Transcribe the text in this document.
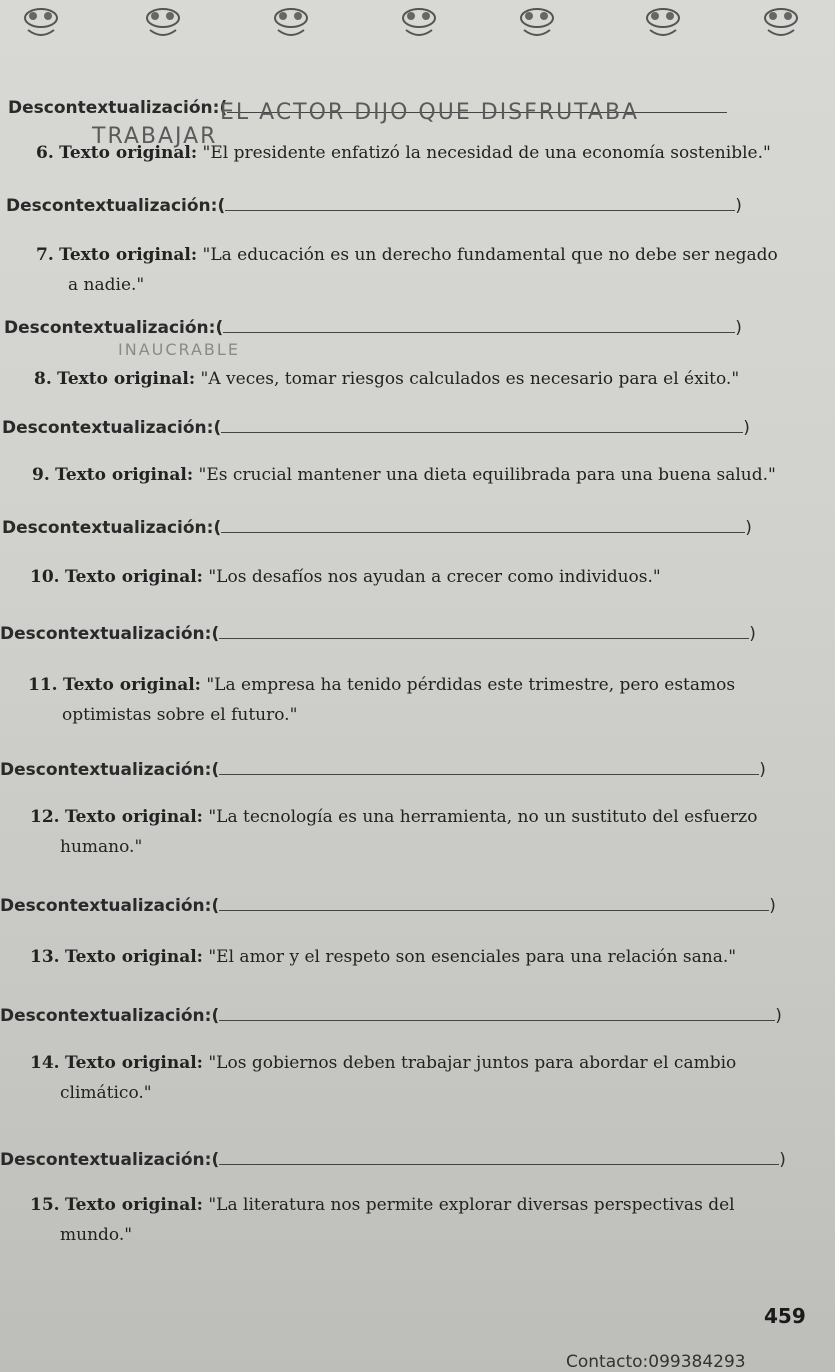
Descontextualización:(
EL ACTOR DIJO QUE DISFRUTABA
TRABAJAR
6. Texto original: "El presidente enfatizó la necesidad de una economía sostenible."
Descontextualización:(	)
7. Texto original: "La educación es un derecho fundamental que no debe ser negado
a nadie."
Descontextualización:(	)
INAUCRABLE
8. Texto original: "A veces, tomar riesgos calculados es necesario para el éxito."
Descontextualización:(	)
9. Texto original: "Es crucial mantener una dieta equilibrada para una buena salud."
Descontextualización:(	)
10. Texto original: "Los desafíos nos ayudan a crecer como individuos."
Descontextualización:(	)
11. Texto original: "La empresa ha tenido pérdidas este trimestre, pero estamos
optimistas sobre el futuro."
Descontextualización:(	)
12. Texto original: "La tecnología es una herramienta, no un sustituto del esfuerzo
humano."
Descontextualización:(	)
13. Texto original: "El amor y el respeto son esenciales para una relación sana."
Descontextualización:(	)
14. Texto original: "Los gobiernos deben trabajar juntos para abordar el cambio
climático."
Descontextualización:(	)
15. Texto original: "La literatura nos permite explorar diversas perspectivas del
mundo."
459
Contacto:099384293
